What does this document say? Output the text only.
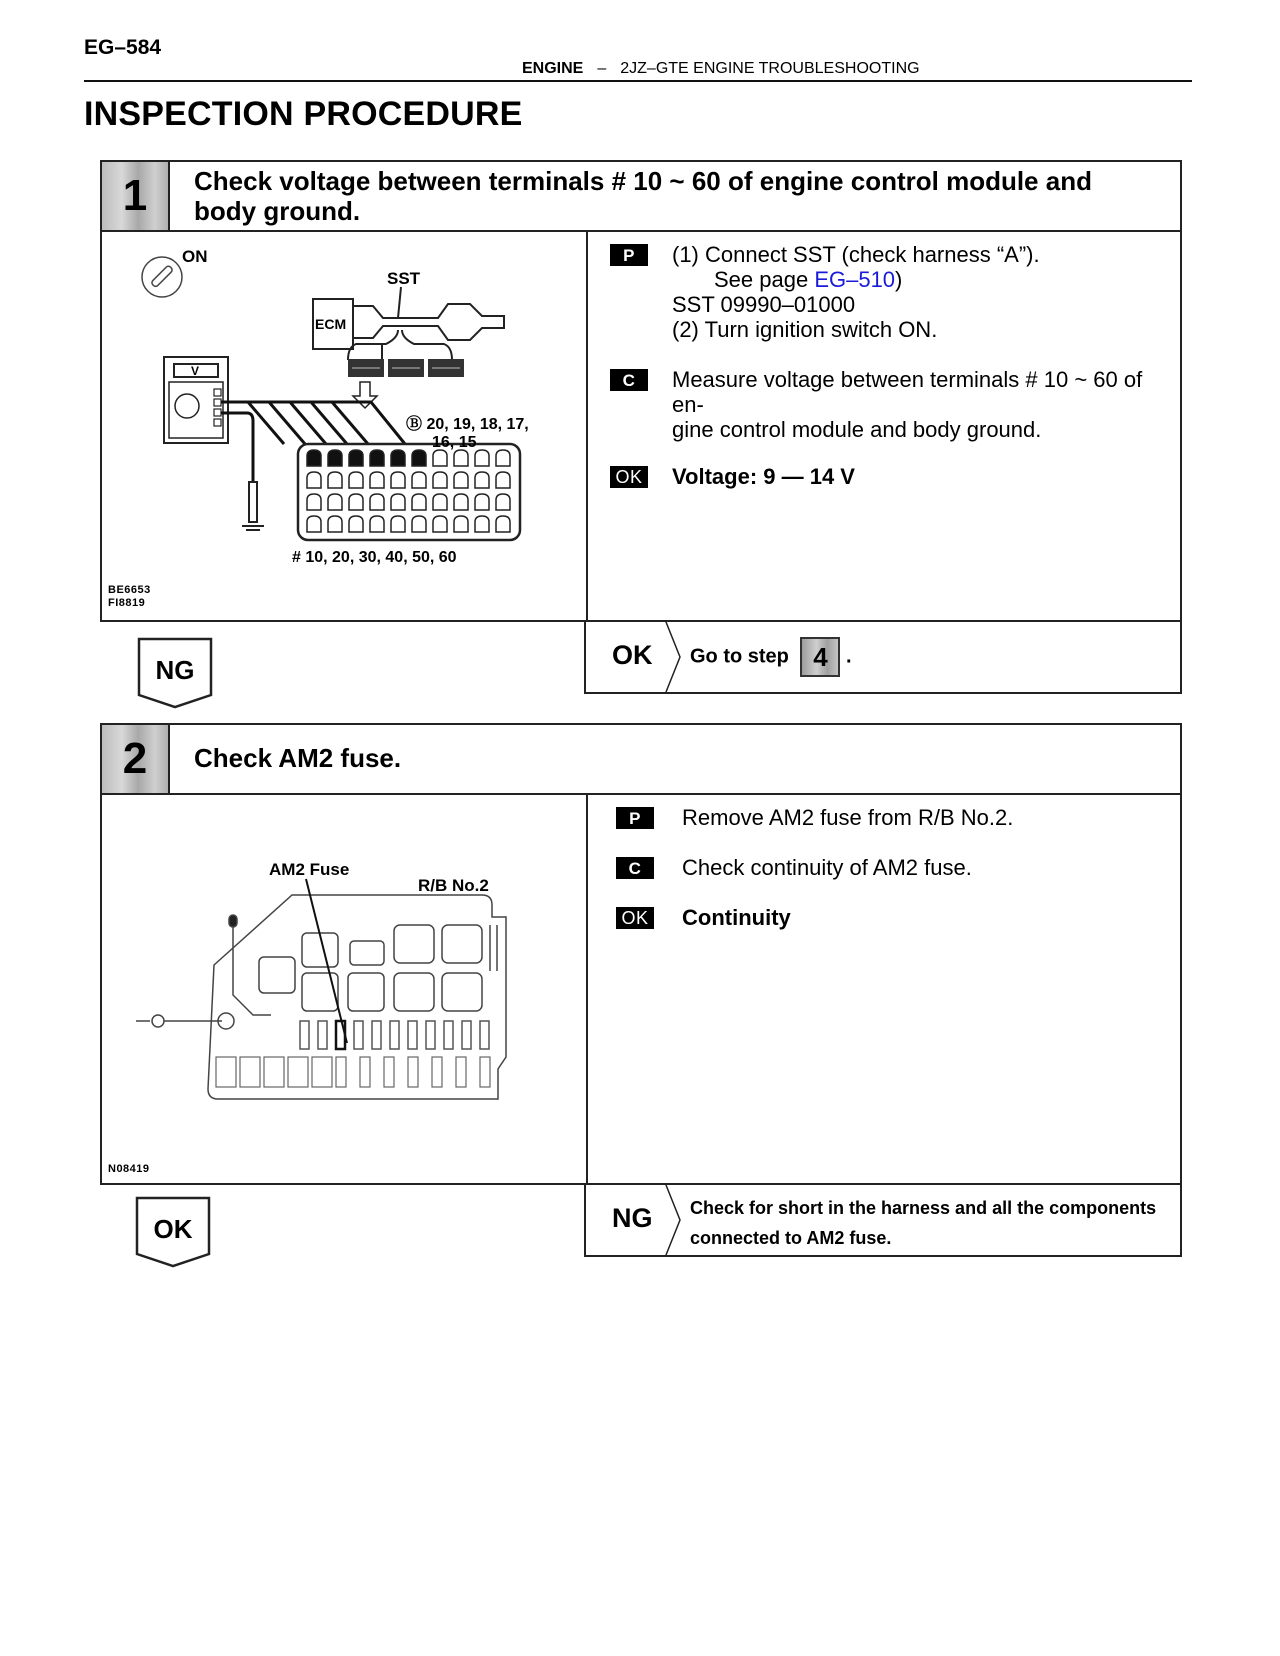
EG–584
ENGINE – 2JZ–GTE ENGINE TROUBLESHOOTING
INSPECTION PROCEDURE
1	Check voltage between terminals # 10 ~ 60 of engine control module and
body ground.
ON
SST
ECM
V
Ⓑ 20, 19, 18, 17,
16, 15
# 10, 20, 30, 40, 50, 60
BE6653
FI8819
P	(1) Connect SST (check harness “A”).
See page EG–510)
SST 09990–01000
(2) Turn ignition switch ON.
C	Measure voltage between terminals # 10 ~ 60 of en-
gine control module and body ground.
OK Voltage: 9 — 14 V
NG	OK Go to step 4 .
2	Check AM2 fuse.
AM2 Fuse
R/B No.2
N08419
P	Remove AM2 fuse from R/B No.2.
C	Check continuity of AM2 fuse.
OK Continuity
OK	NG Check for short in the harness and all the components
connected to AM2 fuse.
